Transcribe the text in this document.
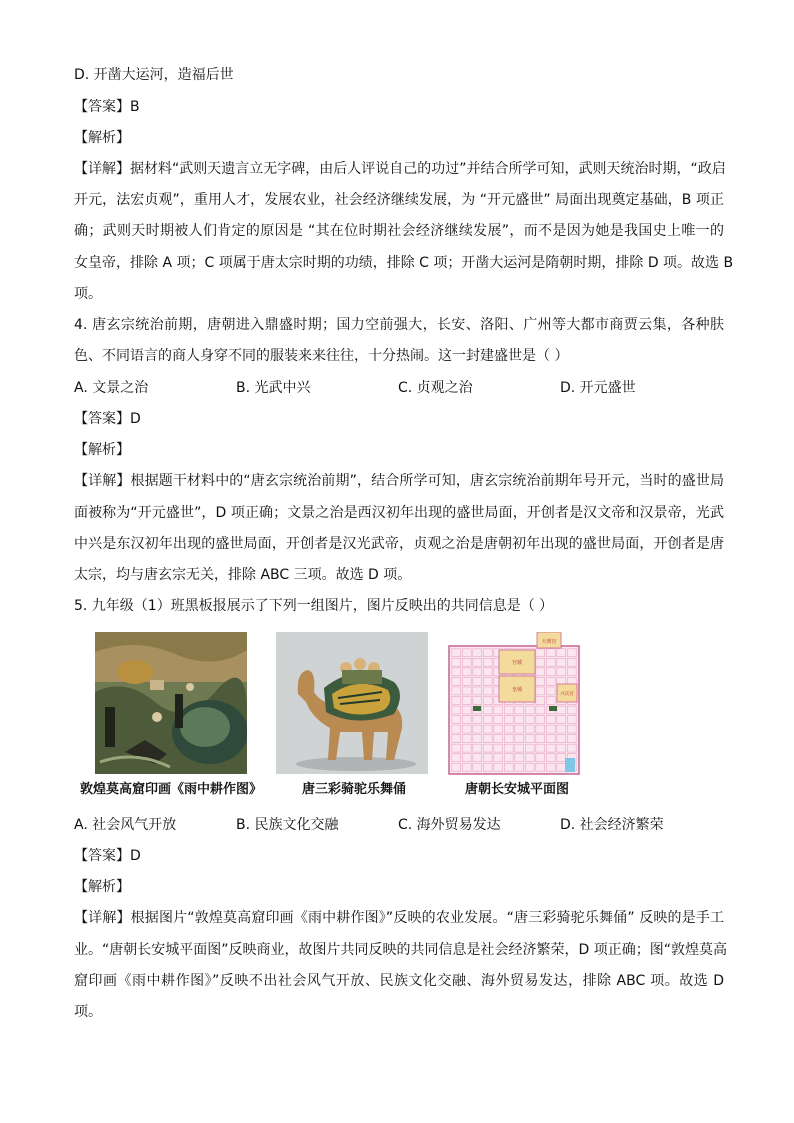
D. 开凿大运河，造福后世
【答案】B
【解析】
【详解】据材料“武则天遗言立无字碑，由后人评说自己的功过”并结合所学可知，武则天统治时期，“政启
开元，法宏贞观”，重用人才，发展农业，社会经济继续发展，为 “开元盛世” 局面出现奠定基础，B 项正
确；武则天时期被人们肯定的原因是 “其在位时期社会经济继续发展”，而不是因为她是我国史上唯一的
女皇帝，排除 A 项；C 项属于唐太宗时期的功绩，排除 C 项；开凿大运河是隋朝时期，排除 D 项。故选 B
项。
4. 唐玄宗统治前期，唐朝进入鼎盛时期；国力空前强大，长安、洛阳、广州等大都市商贾云集，各种肤
色、不同语言的商人身穿不同的服装来来往往，十分热闹。这一封建盛世是（ ）
A. 文景之治	B. 光武中兴	C. 贞观之治	D. 开元盛世
【答案】D
【解析】
【详解】根据题干材料中的“唐玄宗统治前期”，结合所学可知，唐玄宗统治前期年号开元，当时的盛世局
面被称为“开元盛世”，D 项正确；文景之治是西汉初年出现的盛世局面，开创者是汉文帝和汉景帝，光武
中兴是东汉初年出现的盛世局面，开创者是汉光武帝，贞观之治是唐朝初年出现的盛世局面，开创者是唐
太宗，均与唐玄宗无关，排除 ABC 三项。故选 D 项。
5. 九年级（1）班黑板报展示了下列一组图片，图片反映出的共同信息是（ ）
大明宫
宫城
皇城
兴庆宫
敦煌莫高窟印画《雨中耕作图》	唐三彩骑驼乐舞俑	唐朝长安城平面图
A. 社会风气开放	B. 民族文化交融	C. 海外贸易发达	D. 社会经济繁荣
【答案】D
【解析】
【详解】根据图片“敦煌莫高窟印画《雨中耕作图》”反映的农业发展。“唐三彩骑驼乐舞俑” 反映的是手工
业。“唐朝长安城平面图”反映商业，故图片共同反映的共同信息是社会经济繁荣，D 项正确；图“敦煌莫高
窟印画《雨中耕作图》”反映不出社会风气开放、民族文化交融、海外贸易发达，排除 ABC 项。故选 D
项。
